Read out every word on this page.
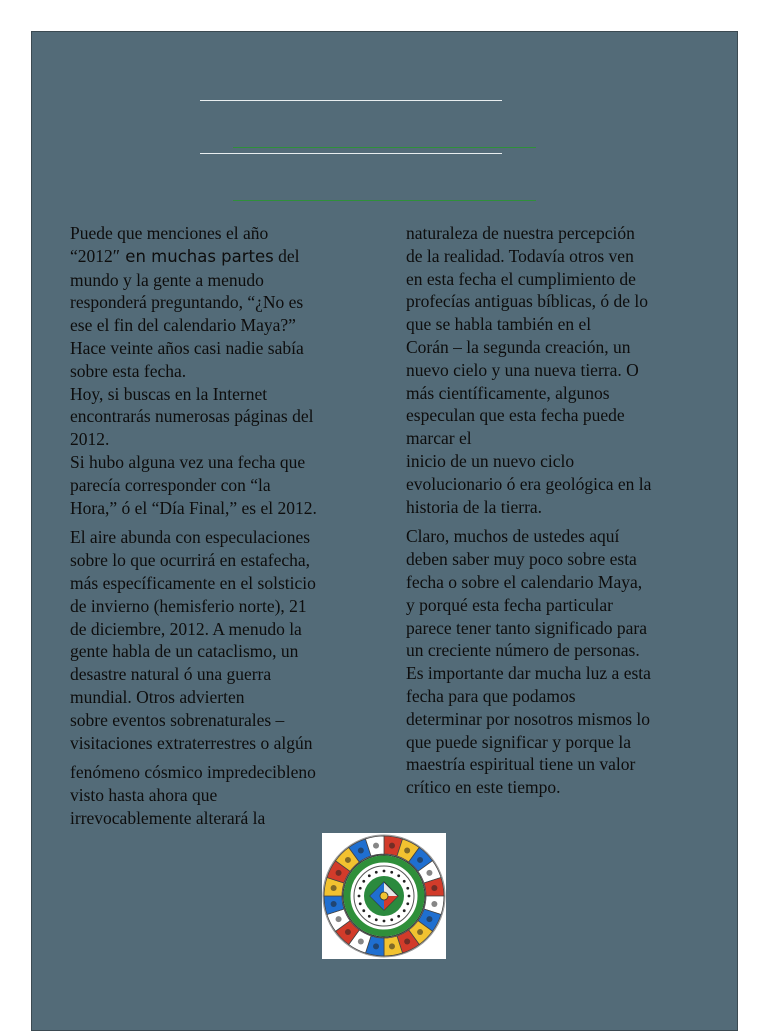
Puede que menciones el año
“2012″ en muchas partes del
mundo y la gente a menudo
responderá preguntando, “¿No es
ese el fin del calendario Maya?”
Hace veinte años casi nadie sabía
sobre esta fecha.
Hoy, si buscas en la Internet
encontrarás numerosas páginas del
2012.
Si hubo alguna vez una fecha que
parecía corresponder con “la
Hora,” ó el “Día Final,” es el 2012.

El aire abunda con especulaciones
sobre lo que ocurrirá en estafecha,
más específicamente en el solsticio
de invierno (hemisferio norte), 21
de diciembre, 2012. A menudo la
gente habla de un cataclismo, un
desastre natural ó una guerra
mundial. Otros advierten
sobre eventos sobrenaturales –
visitaciones extraterrestres o algún

fenómeno cósmico impredecibleno
visto hasta ahora que
irrevocablemente alterará la

naturaleza de nuestra percepción
de la realidad. Todavía otros ven
en esta fecha el cumplimiento de
profecías antiguas bíblicas, ó de lo
que se habla también en el
Corán – la segunda creación, un
nuevo cielo y una nueva tierra. O
más científicamente, algunos
especulan que esta fecha puede
marcar el
inicio de un nuevo ciclo
evolucionario ó era geológica en la
historia de la tierra.

Claro, muchos de ustedes aquí
deben saber muy poco sobre esta
fecha o sobre el calendario Maya,
y porqué esta fecha particular
parece tener tanto significado para
un creciente número de personas.
Es importante dar mucha luz a esta
fecha para que podamos
determinar por nosotros mismos lo
que puede significar y porque la
maestría espiritual tiene un valor
crítico en este tiempo.
